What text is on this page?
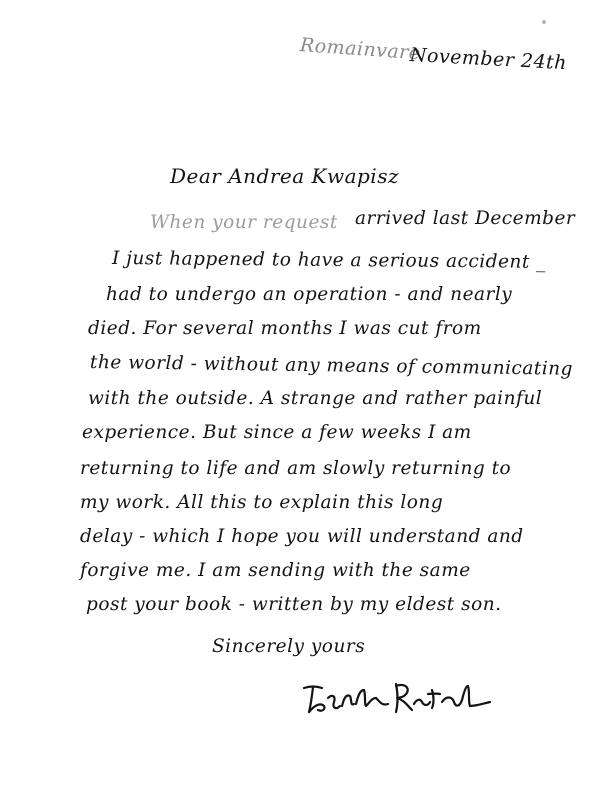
Romainvare
November 24th
Dear Andrea Kwapisz
When your request arrived last December
I just happened to have a serious accident _
had to undergo an operation - and nearly
died. For several months I was cut from
the world - without any means of communicating
with the outside. A strange and rather painful
experience. But since a few weeks I am
returning to life and am slowly returning to
my work. All this to explain this long
delay - which I hope you will understand and
forgive me. I am sending with the same
post your book - written by my eldest son.
Sincerely yours
